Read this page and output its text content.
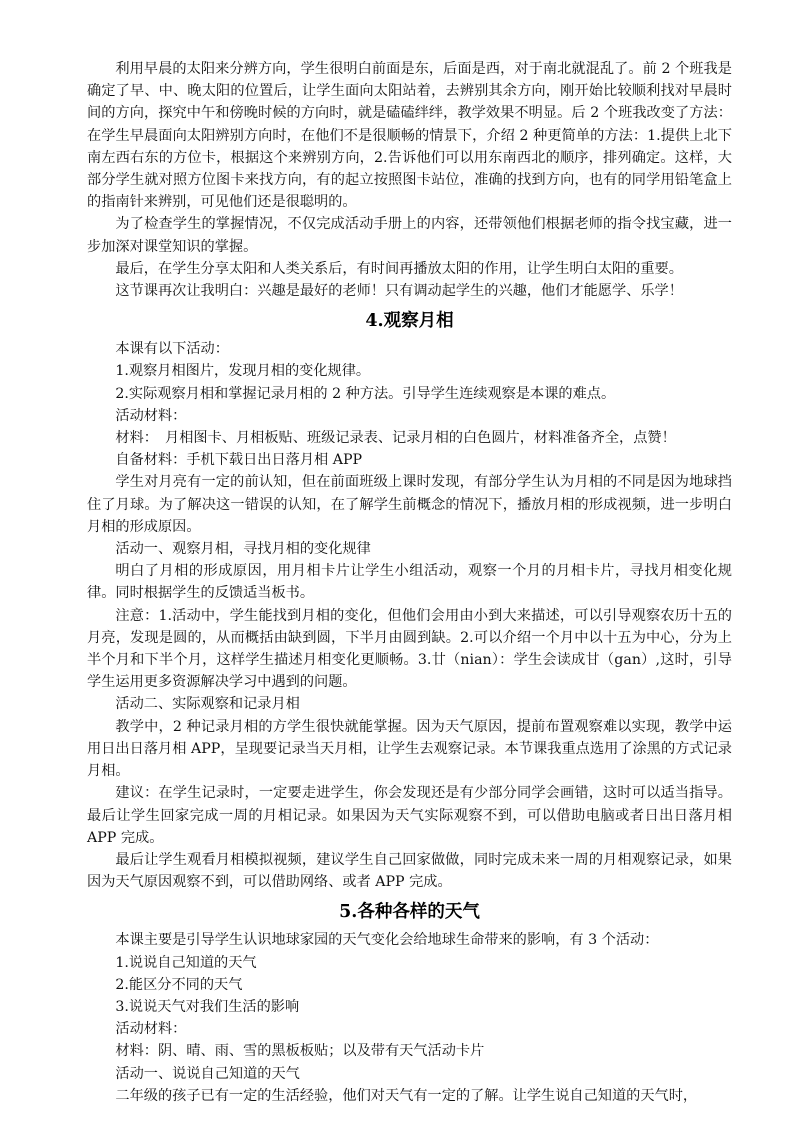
利用早晨的太阳来分辨方向，学生很明白前面是东，后面是西，对于南北就混乱了。前 2 个班我是确定了早、中、晚太阳的位置后，让学生面向太阳站着，去辨别其余方向，刚开始比较顺利找对早晨时间的方向，探究中午和傍晚时候的方向时，就是磕磕绊绊，教学效果不明显。后 2 个班我改变了方法：在学生早晨面向太阳辨别方向时，在他们不是很顺畅的情景下，介绍 2 种更简单的方法：1.提供上北下南左西右东的方位卡，根据这个来辨别方向，2.告诉他们可以用东南西北的顺序，排列确定。这样，大部分学生就对照方位图卡来找方向，有的起立按照图卡站位，准确的找到方向，也有的同学用铅笔盒上的指南针来辨别，可见他们还是很聪明的。

为了检查学生的掌握情况，不仅完成活动手册上的内容，还带领他们根据老师的指令找宝藏，进一步加深对课堂知识的掌握。

最后，在学生分享太阳和人类关系后，有时间再播放太阳的作用，让学生明白太阳的重要。

这节课再次让我明白：兴趣是最好的老师！只有调动起学生的兴趣，他们才能愿学、乐学！

4.观察月相

本课有以下活动：

1.观察月相图片，发现月相的变化规律。

2.实际观察月相和掌握记录月相的 2 种方法。引导学生连续观察是本课的难点。

活动材料：

材料：　月相图卡、月相板贴、班级记录表、记录月相的白色圆片，材料准备齐全，点赞！

自备材料：手机下载日出日落月相 APP

学生对月亮有一定的前认知，但在前面班级上课时发现，有部分学生认为月相的不同是因为地球挡住了月球。为了解决这一错误的认知，在了解学生前概念的情况下，播放月相的形成视频，进一步明白月相的形成原因。

活动一、观察月相，寻找月相的变化规律

明白了月相的形成原因，用月相卡片让学生小组活动，观察一个月的月相卡片，寻找月相变化规律。同时根据学生的反馈适当板书。

注意：1.活动中，学生能找到月相的变化，但他们会用由小到大来描述，可以引导观察农历十五的月亮，发现是圆的，从而概括由缺到圆，下半月由圆到缺。2.可以介绍一个月中以十五为中心，分为上半个月和下半个月，这样学生描述月相变化更顺畅。3.廿（nian）：学生会读成甘（gan）,这时，引导学生运用更多资源解决学习中遇到的问题。

活动二、实际观察和记录月相

教学中，2 种记录月相的方学生很快就能掌握。因为天气原因，提前布置观察难以实现，教学中运用日出日落月相 APP，呈现要记录当天月相，让学生去观察记录。本节课我重点选用了涂黑的方式记录月相。

建议：在学生记录时，一定要走进学生，你会发现还是有少部分同学会画错，这时可以适当指导。最后让学生回家完成一周的月相记录。如果因为天气实际观察不到，可以借助电脑或者日出日落月相 APP 完成。

最后让学生观看月相模拟视频，建议学生自己回家做做，同时完成未来一周的月相观察记录，如果因为天气原因观察不到，可以借助网络、或者 APP 完成。

5.各种各样的天气

本课主要是引导学生认识地球家园的天气变化会给地球生命带来的影响，有 3 个活动：

1.说说自己知道的天气

2.能区分不同的天气

3.说说天气对我们生活的影响

活动材料：

材料：阴、晴、雨、雪的黑板板贴；以及带有天气活动卡片

活动一、说说自己知道的天气

二年级的孩子已有一定的生活经验，他们对天气有一定的了解。让学生说自己知道的天气时，
